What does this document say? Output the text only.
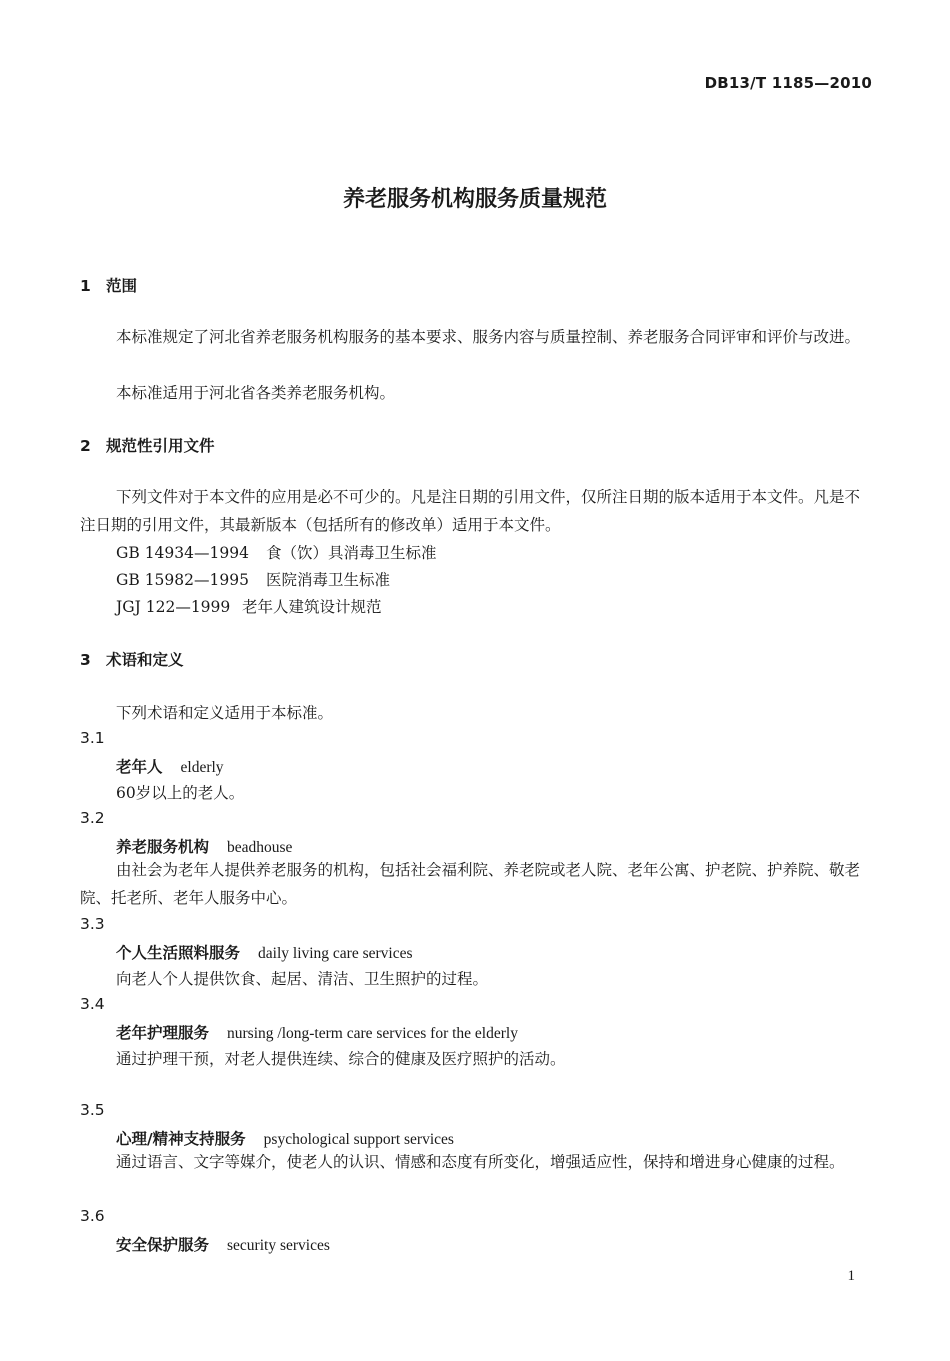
DB13/T 1185—2010
养老服务机构服务质量规范
1 范围
本标准规定了河北省养老服务机构服务的基本要求、服务内容与质量控制、养老服务合同评审和评价与改进。
本标准适用于河北省各类养老服务机构。
2 规范性引用文件
下列文件对于本文件的应用是必不可少的。凡是注日期的引用文件，仅所注日期的版本适用于本文件。凡是不注日期的引用文件，其最新版本（包括所有的修改单）适用于本文件。
GB 14934—1994 食（饮）具消毒卫生标准
GB 15982—1995 医院消毒卫生标准
JGJ 122—1999 老年人建筑设计规范
3 术语和定义
下列术语和定义适用于本标准。
3.1
老年人 elderly
60岁以上的老人。
3.2
养老服务机构 beadhouse
由社会为老年人提供养老服务的机构，包括社会福利院、养老院或老人院、老年公寓、护老院、护养院、敬老院、托老所、老年人服务中心。
3.3
个人生活照料服务 daily living care services
向老人个人提供饮食、起居、清洁、卫生照护的过程。
3.4
老年护理服务 nursing /long-term care services for the elderly
通过护理干预，对老人提供连续、综合的健康及医疗照护的活动。
3.5
心理/精神支持服务 psychological support services
通过语言、文字等媒介，使老人的认识、情感和态度有所变化，增强适应性，保持和增进身心健康的过程。
3.6
安全保护服务 security services
1
